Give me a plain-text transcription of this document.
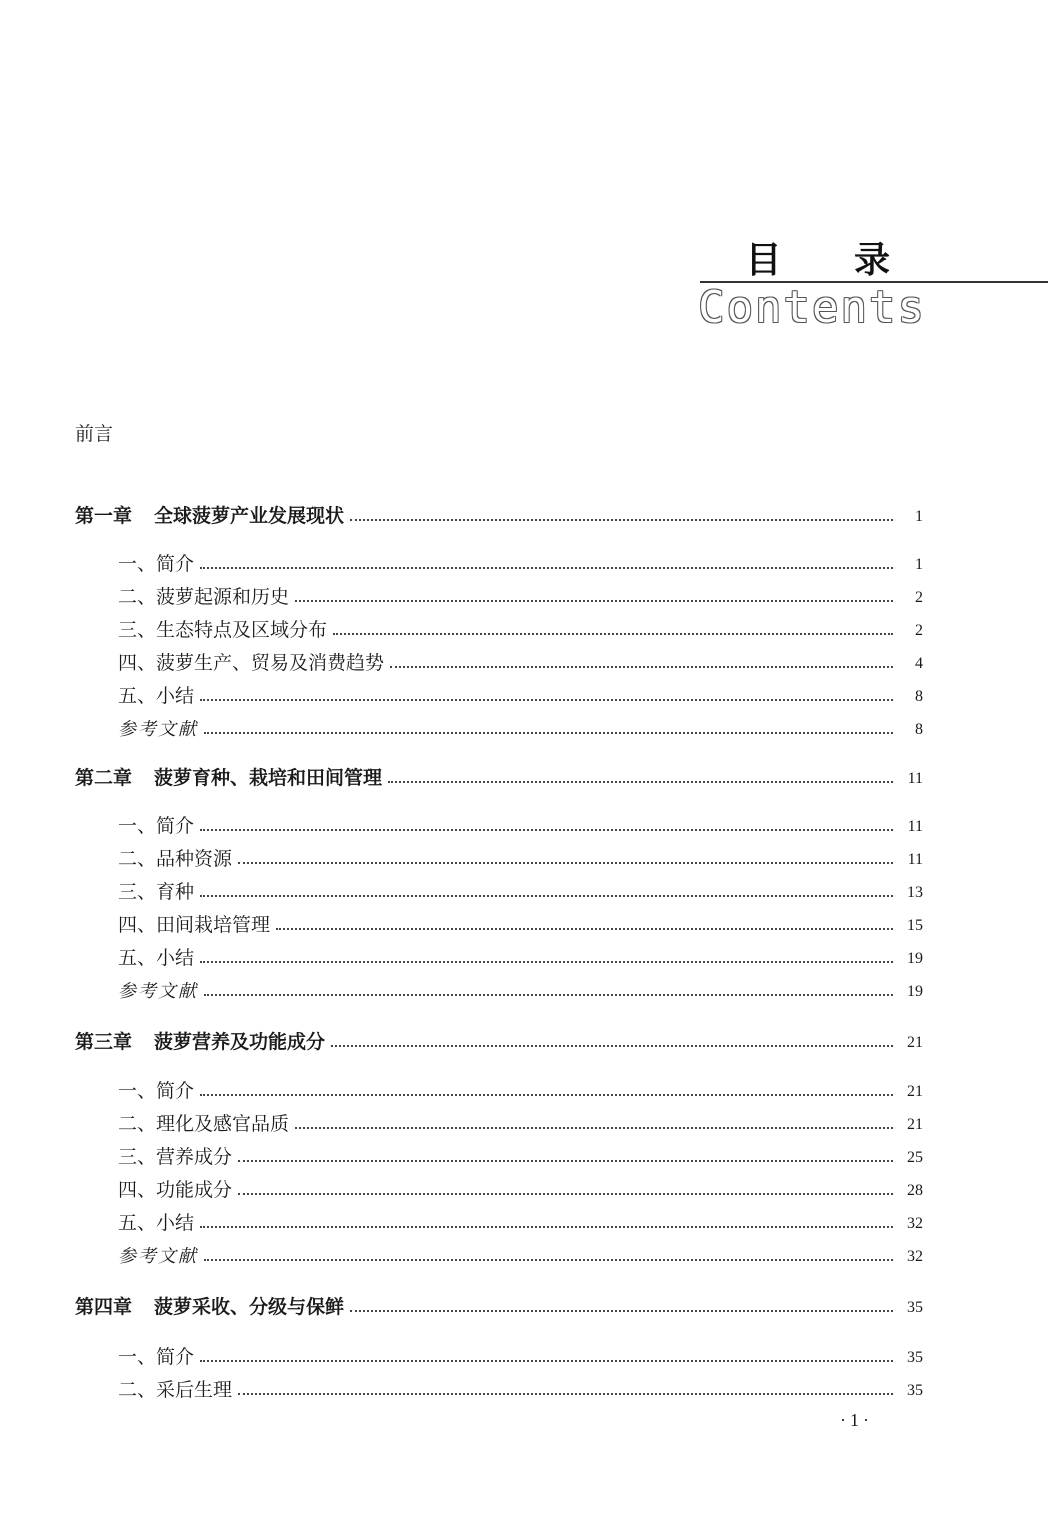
目 录
Contents
前言
第一章 全球菠萝产业发展现状	1
一、简介	1
二、菠萝起源和历史	2
三、生态特点及区域分布	2
四、菠萝生产、贸易及消费趋势	4
五、小结	8
参考文献	8
第二章 菠萝育种、栽培和田间管理	11
一、简介	11
二、品种资源	11
三、育种	13
四、田间栽培管理	15
五、小结	19
参考文献	19
第三章 菠萝营养及功能成分	21
一、简介	21
二、理化及感官品质	21
三、营养成分	25
四、功能成分	28
五、小结	32
参考文献	32
第四章 菠萝采收、分级与保鲜	35
一、简介	35
二、采后生理	35
·1·
